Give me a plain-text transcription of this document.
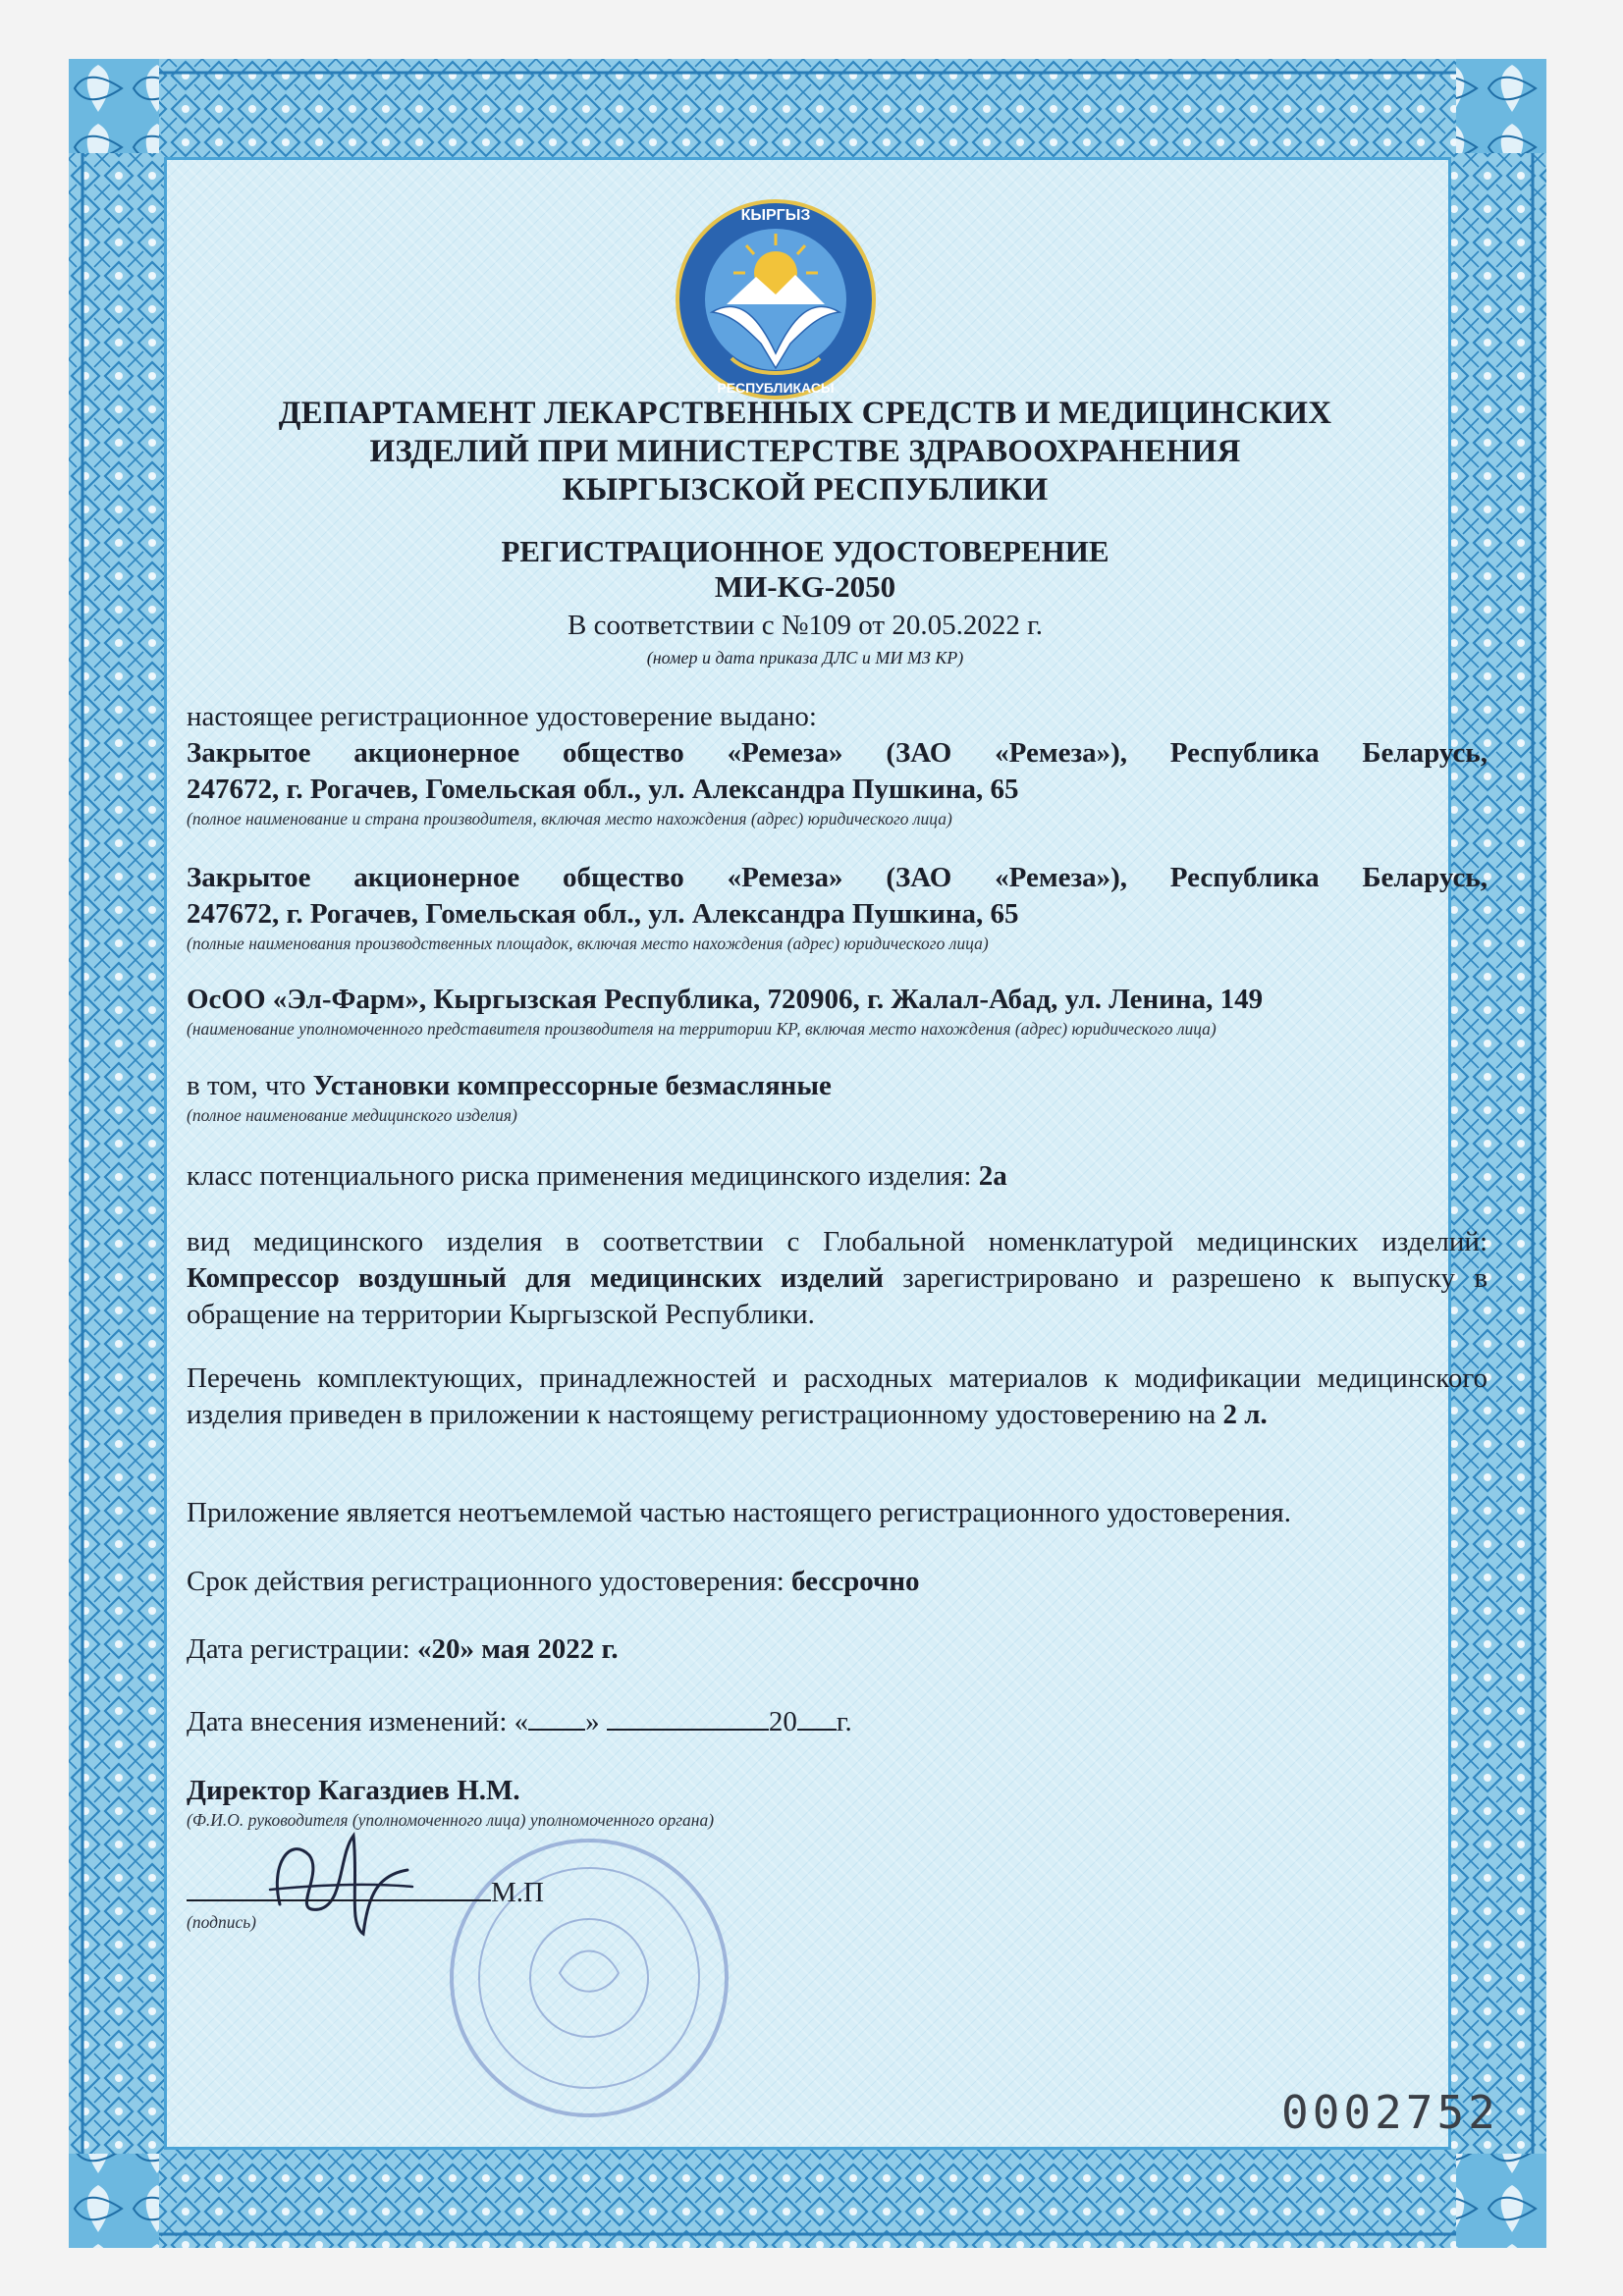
КЫРГЫЗ
РЕСПУБЛИКАСЫ
ДЕПАРТАМЕНТ ЛЕКАРСТВЕННЫХ СРЕДСТВ И МЕДИЦИНСКИХ
ИЗДЕЛИЙ ПРИ МИНИСТЕРСТВЕ ЗДРАВООХРАНЕНИЯ
КЫРГЫЗСКОЙ РЕСПУБЛИКИ
РЕГИСТРАЦИОННОЕ УДОСТОВЕРЕНИЕ
МИ-KG-2050
В соответствии с №109 от 20.05.2022 г.
(номер и дата приказа ДЛС и МИ МЗ КР)

настоящее регистрационное удостоверение выдано:

Закрытое акционерное общество «Ремеза» (ЗАО «Ремеза»), Республика Беларусь,

247672, г. Рогачев, Гомельская обл., ул. Александра Пушкина, 65

(полное наименование и страна производителя, включая место нахождения (адрес) юридического лица)

Закрытое акционерное общество «Ремеза» (ЗАО «Ремеза»), Республика Беларусь,

247672, г. Рогачев, Гомельская обл., ул. Александра Пушкина, 65

(полные наименования производственных площадок, включая место нахождения (адрес) юридического лица)

ОсОО «Эл-Фарм», Кыргызская Республика, 720906, г. Жалал-Абад, ул. Ленина, 149

(наименование уполномоченного представителя производителя на территории КР, включая место нахождения (адрес) юридического лица)

в том, что Установки компрессорные безмасляные

(полное наименование медицинского изделия)

класс потенциального риска применения медицинского изделия: 2а

вид медицинского изделия в соответствии с Глобальной номенклатурой медицинских изделий: Компрессор воздушный для медицинских изделий зарегистрировано и разрешено к выпуску в обращение на территории Кыргызской Республики.

Перечень комплектующих, принадлежностей и расходных материалов к модификации медицинского изделия приведен в приложении к настоящему регистрационному удостоверению на 2 л.

Приложение является неотъемлемой частью настоящего регистрационного удостоверения.

Срок действия регистрационного удостоверения: бессрочно

Дата регистрации: «20» мая 2022 г.

Дата внесения изменений: « »	20 г.

Директор Кагаздиев Н.М.

(Ф.И.О. руководителя (уполномоченного лица) уполномоченного органа)

М.П

(подпись)

0002752
